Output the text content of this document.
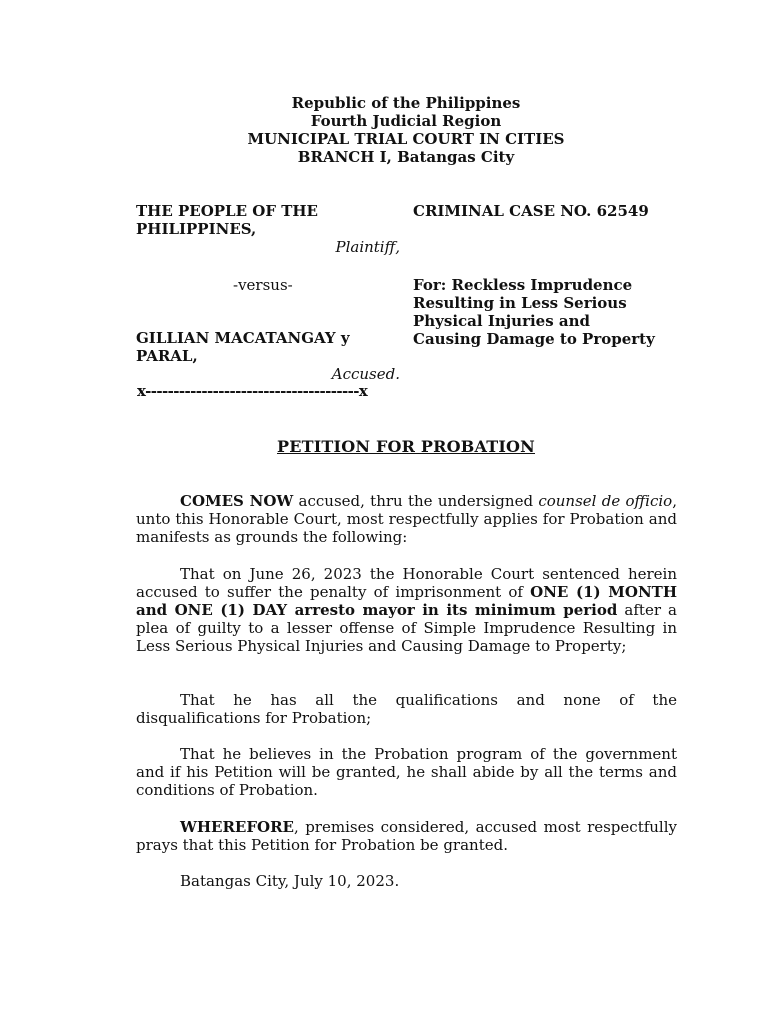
Republic of the Philippines
Fourth Judicial Region
MUNICIPAL TRIAL COURT IN CITIES
BRANCH I, Batangas City
THE PEOPLE OF THE
PHILIPPINES,
Plaintiff,
CRIMINAL CASE NO. 62549
-versus-	For: Reckless Imprudence
Resulting in Less Serious
Physical Injuries and
Causing Damage to Property
GILLIAN MACATANGAY y
PARAL,
Accused.
x--------------------------------------x
PETITION FOR PROBATION
COMES NOW accused, thru the undersigned counsel de officio, unto this Honorable Court, most respectfully applies for Probation and manifests as grounds the following:
That on June 26, 2023 the Honorable Court sentenced herein accused to suffer the penalty of imprisonment of ONE (1) MONTH and ONE (1) DAY arresto mayor in its minimum period after a plea of guilty to a lesser offense of Simple Imprudence Resulting in Less Serious Physical Injuries and Causing Damage to Property;
That he has all the qualifications and none of the disqualifications for Probation;
That he believes in the Probation program of the government and if his Petition will be granted, he shall abide by all the terms and conditions of Probation.
WHEREFORE, premises considered, accused most respectfully prays that this Petition for Probation be granted.
Batangas City, July 10, 2023.
